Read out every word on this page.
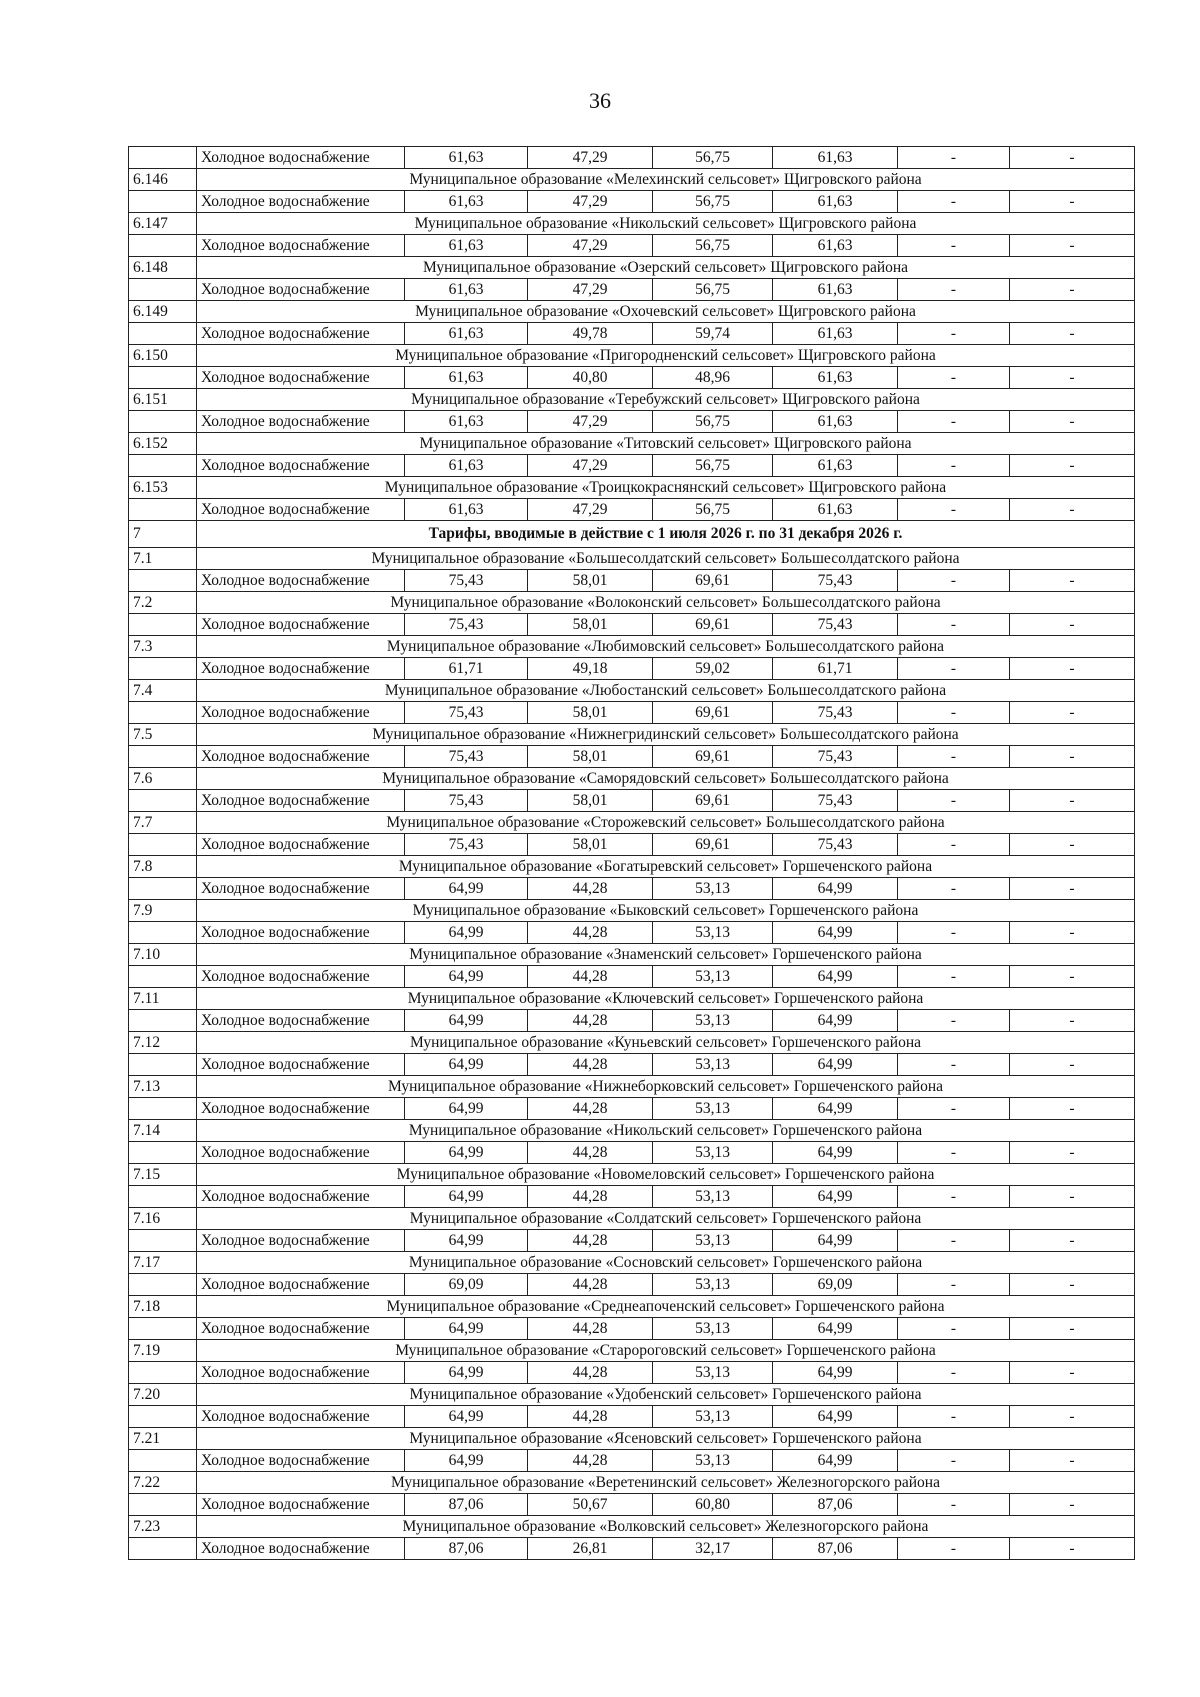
36
	Холодное водоснабжение	61,63	47,29	56,75	61,63	-	-
6.146	Муниципальное образование «Мелехинский сельсовет» Щигровского района						
	Холодное водоснабжение	61,63	47,29	56,75	61,63	-	-
6.147	Муниципальное образование «Никольский сельсовет» Щигровского района						
	Холодное водоснабжение	61,63	47,29	56,75	61,63	-	-
6.148	Муниципальное образование «Озерский сельсовет» Щигровского района						
	Холодное водоснабжение	61,63	47,29	56,75	61,63	-	-
6.149	Муниципальное образование «Охочевский сельсовет» Щигровского района						
	Холодное водоснабжение	61,63	49,78	59,74	61,63	-	-
6.150	Муниципальное образование «Пригородненский сельсовет» Щигровского района						
	Холодное водоснабжение	61,63	40,80	48,96	61,63	-	-
6.151	Муниципальное образование «Теребужский сельсовет» Щигровского района						
	Холодное водоснабжение	61,63	47,29	56,75	61,63	-	-
6.152	Муниципальное образование «Титовский сельсовет» Щигровского района						
	Холодное водоснабжение	61,63	47,29	56,75	61,63	-	-
6.153	Муниципальное образование «Троицкокраснянский сельсовет» Щигровского района						
	Холодное водоснабжение	61,63	47,29	56,75	61,63	-	-
7	Тарифы, вводимые в действие с 1 июля 2026 г. по 31 декабря 2026 г.						
7.1	Муниципальное образование «Большесолдатский сельсовет» Большесолдатского района						
	Холодное водоснабжение	75,43	58,01	69,61	75,43	-	-
7.2	Муниципальное образование «Волоконский сельсовет» Большесолдатского района						
	Холодное водоснабжение	75,43	58,01	69,61	75,43	-	-
7.3	Муниципальное образование «Любимовский сельсовет» Большесолдатского района						
	Холодное водоснабжение	61,71	49,18	59,02	61,71	-	-
7.4	Муниципальное образование «Любостанский сельсовет» Большесолдатского района						
	Холодное водоснабжение	75,43	58,01	69,61	75,43	-	-
7.5	Муниципальное образование «Нижнегридинский сельсовет» Большесолдатского района						
	Холодное водоснабжение	75,43	58,01	69,61	75,43	-	-
7.6	Муниципальное образование «Саморядовский сельсовет» Большесолдатского района						
	Холодное водоснабжение	75,43	58,01	69,61	75,43	-	-
7.7	Муниципальное образование «Сторожевский сельсовет» Большесолдатского района						
	Холодное водоснабжение	75,43	58,01	69,61	75,43	-	-
7.8	Муниципальное образование «Богатыревский сельсовет» Горшеченского района						
	Холодное водоснабжение	64,99	44,28	53,13	64,99	-	-
7.9	Муниципальное образование «Быковский сельсовет» Горшеченского района						
	Холодное водоснабжение	64,99	44,28	53,13	64,99	-	-
7.10	Муниципальное образование «Знаменский сельсовет» Горшеченского района						
	Холодное водоснабжение	64,99	44,28	53,13	64,99	-	-
7.11	Муниципальное образование «Ключевский сельсовет» Горшеченского района						
	Холодное водоснабжение	64,99	44,28	53,13	64,99	-	-
7.12	Муниципальное образование «Куньевский сельсовет» Горшеченского района						
	Холодное водоснабжение	64,99	44,28	53,13	64,99	-	-
7.13	Муниципальное образование «Нижнеборковский сельсовет» Горшеченского района						
	Холодное водоснабжение	64,99	44,28	53,13	64,99	-	-
7.14	Муниципальное образование «Никольский сельсовет» Горшеченского района						
	Холодное водоснабжение	64,99	44,28	53,13	64,99	-	-
7.15	Муниципальное образование «Новомеловский сельсовет» Горшеченского района						
	Холодное водоснабжение	64,99	44,28	53,13	64,99	-	-
7.16	Муниципальное образование «Солдатский сельсовет» Горшеченского района						
	Холодное водоснабжение	64,99	44,28	53,13	64,99	-	-
7.17	Муниципальное образование «Сосновский сельсовет» Горшеченского района						
	Холодное водоснабжение	69,09	44,28	53,13	69,09	-	-
7.18	Муниципальное образование «Среднеапоченский сельсовет» Горшеченского района						
	Холодное водоснабжение	64,99	44,28	53,13	64,99	-	-
7.19	Муниципальное образование «Старороговский сельсовет» Горшеченского района						
	Холодное водоснабжение	64,99	44,28	53,13	64,99	-	-
7.20	Муниципальное образование «Удобенский сельсовет» Горшеченского района						
	Холодное водоснабжение	64,99	44,28	53,13	64,99	-	-
7.21	Муниципальное образование «Ясеновский сельсовет» Горшеченского района						
	Холодное водоснабжение	64,99	44,28	53,13	64,99	-	-
7.22	Муниципальное образование «Веретенинский сельсовет» Железногорского района						
	Холодное водоснабжение	87,06	50,67	60,80	87,06	-	-
7.23	Муниципальное образование «Волковский сельсовет» Железногорского района						
	Холодное водоснабжение	87,06	26,81	32,17	87,06	-	-
